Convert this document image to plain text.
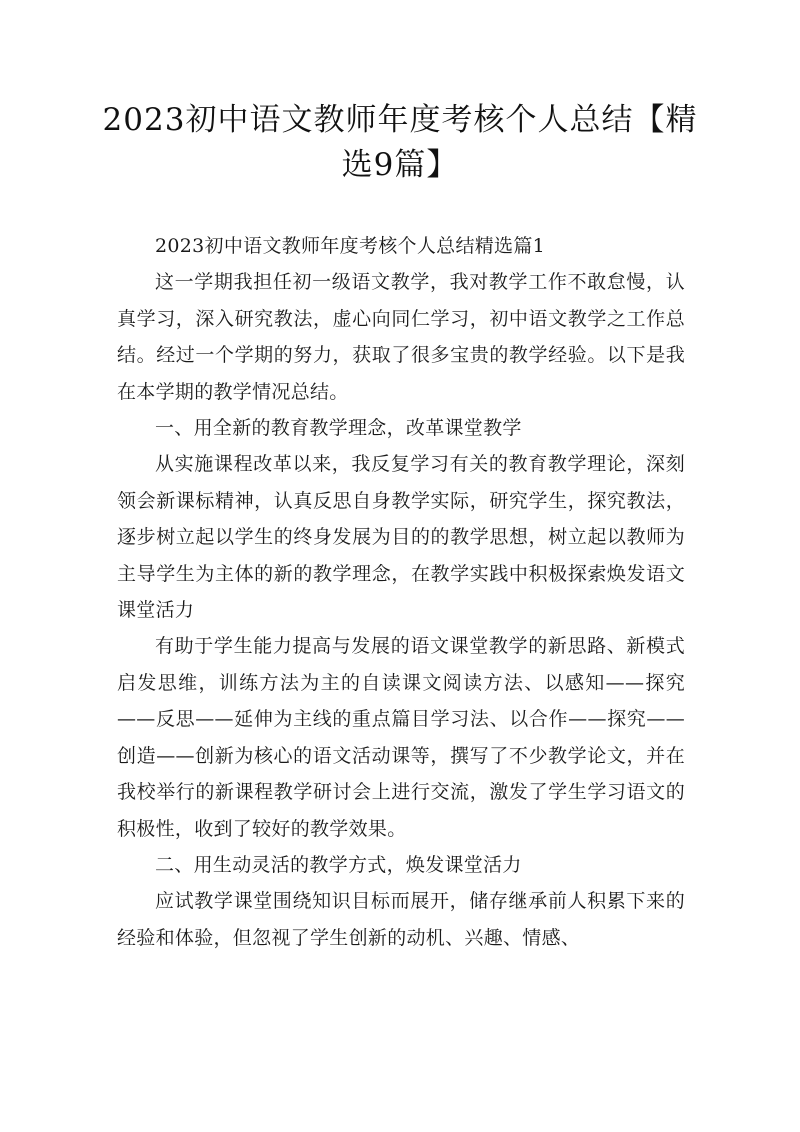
2023初中语文教师年度考核个人总结【精选9篇】

2023初中语文教师年度考核个人总结精选篇1

这一学期我担任初一级语文教学，我对教学工作不敢怠慢，认真学习，深入研究教法，虚心向同仁学习，初中语文教学之工作总结。经过一个学期的努力，获取了很多宝贵的教学经验。以下是我在本学期的教学情况总结。

一、用全新的教育教学理念，改革课堂教学

从实施课程改革以来，我反复学习有关的教育教学理论，深刻领会新课标精神，认真反思自身教学实际，研究学生，探究教法，逐步树立起以学生的终身发展为目的的教学思想，树立起以教师为主导学生为主体的新的教学理念，在教学实践中积极探索焕发语文课堂活力

有助于学生能力提高与发展的语文课堂教学的新思路、新模式启发思维，训练方法为主的自读课文阅读方法、以感知——探究——反思——延伸为主线的重点篇目学习法、以合作——探究——创造——创新为核心的语文活动课等，撰写了不少教学论文，并在我校举行的新课程教学研讨会上进行交流，激发了学生学习语文的积极性，收到了较好的教学效果。

二、用生动灵活的教学方式，焕发课堂活力

应试教学课堂围绕知识目标而展开，储存继承前人积累下来的经验和体验，但忽视了学生创新的动机、兴趣、情感、
